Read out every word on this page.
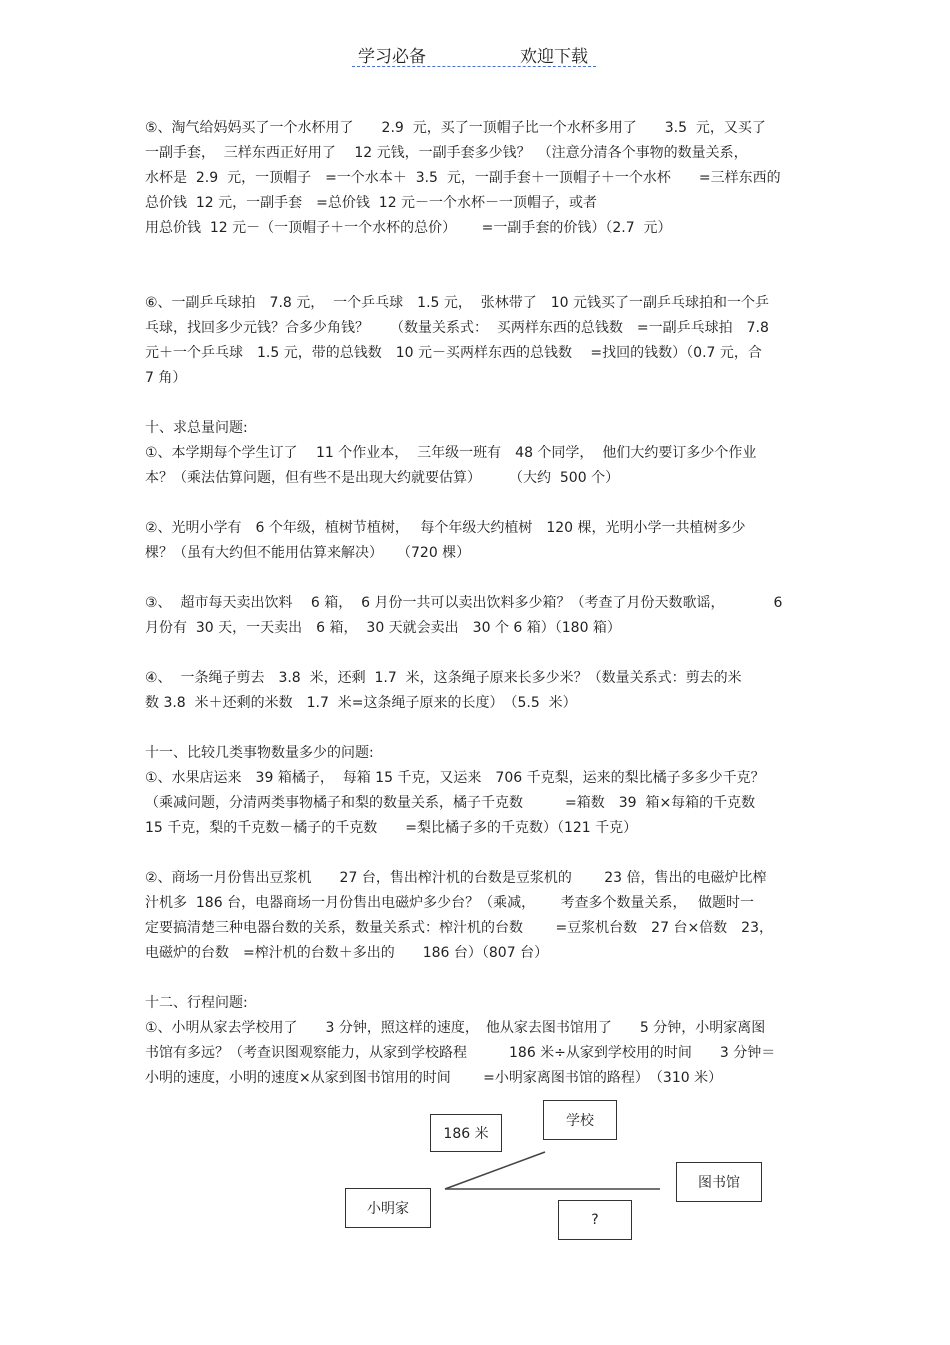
学习必备	欢迎下载
⑤、淘气给妈妈买了一个水杯用了　　2.9  元，买了一顶帽子比一个水杯多用了　　3.5  元，又买了
一副手套，  三样东西正好用了　 12 元钱，一副手套多少钱？　（注意分清各个事物的数量关系，
水杯是  2.9  元，一顶帽子　=一个水本＋  3.5  元，一副手套＋一顶帽子＋一个水杯　　=三样东西的
总价钱  12 元，一副手套　=总价钱  12 元－一个水杯－一顶帽子，或者
用总价钱  12 元－（一顶帽子＋一个水杯的总价）　　 =一副手套的价钱）（2.7  元）
⑥、一副乒乓球拍　7.8 元，  一个乒乓球　1.5 元，  张林带了　10 元钱买了一副乒乓球拍和一个乒
乓球，找回多少元钱？合多少角钱？　　（数量关系式：  买两样东西的总钱数　=一副乒乓球拍　7.8
元＋一个乒乓球　1.5 元，带的总钱数　10 元－买两样东西的总钱数　 =找回的钱数）（0.7 元，合
7 角）
十、求总量问题:
①、本学期每个学生订了　 11 个作业本，  三年级一班有　48 个同学，  他们大约要订多少个作业
本？（乘法估算问题，但有些不是出现大约就要估算）　　　（大约  500 个）
②、光明小学有　6 个年级，植树节植树，　 每个年级大约植树　120 棵，光明小学一共植树多少
棵？（虽有大约但不能用估算来解决）　　（720 棵）
③、  超市每天卖出饮料　 6 箱，  6 月份一共可以卖出饮料多少箱？（考查了月份天数歌谣，　　　　6
月份有  30 天，一天卖出　6 箱，  30 天就会卖出　30 个 6 箱）（180 箱）
④、  一条绳子剪去　3.8  米，还剩  1.7  米，这条绳子原来长多少米？（数量关系式：剪去的米
数 3.8  米＋还剩的米数　1.7  米=这条绳子原来的长度）　（5.5  米）
十一、比较几类事物数量多少的问题:
①、水果店运来　39 箱橘子，  每箱 15 千克，又运来　706 千克梨，运来的梨比橘子多多少千克？
（乘减问题，分清两类事物橘子和梨的数量关系，橘子千克数　　　=箱数　39  箱×每箱的千克数
15 千克，梨的千克数－橘子的千克数　　=梨比橘子多的千克数）（121 千克）
②、商场一月份售出豆浆机　　27 台，售出榨汁机的台数是豆浆机的　　 23 倍，售出的电磁炉比榨
汁机多  186 台，电器商场一月份售出电磁炉多少台？（乘减，　　 考查多个数量关系，　 做题时一
定要搞清楚三种电器台数的关系，数量关系式：榨汁机的台数　　 =豆浆机台数　27 台×倍数　23，
电磁炉的台数　=榨汁机的台数＋多出的　　186 台）（807 台）
十二、行程问题:
①、小明从家去学校用了　　3 分钟，照这样的速度，　他从家去图书馆用了　　5 分钟，小明家离图
书馆有多远？（考查识图观察能力，从家到学校路程　　　186 米÷从家到学校用的时间　　3 分钟＝
小明的速度，小明的速度×从家到图书馆用的时间　　 =小明家离图书馆的路程）　（310 米）
186 米
学校
图书馆
小明家
?
